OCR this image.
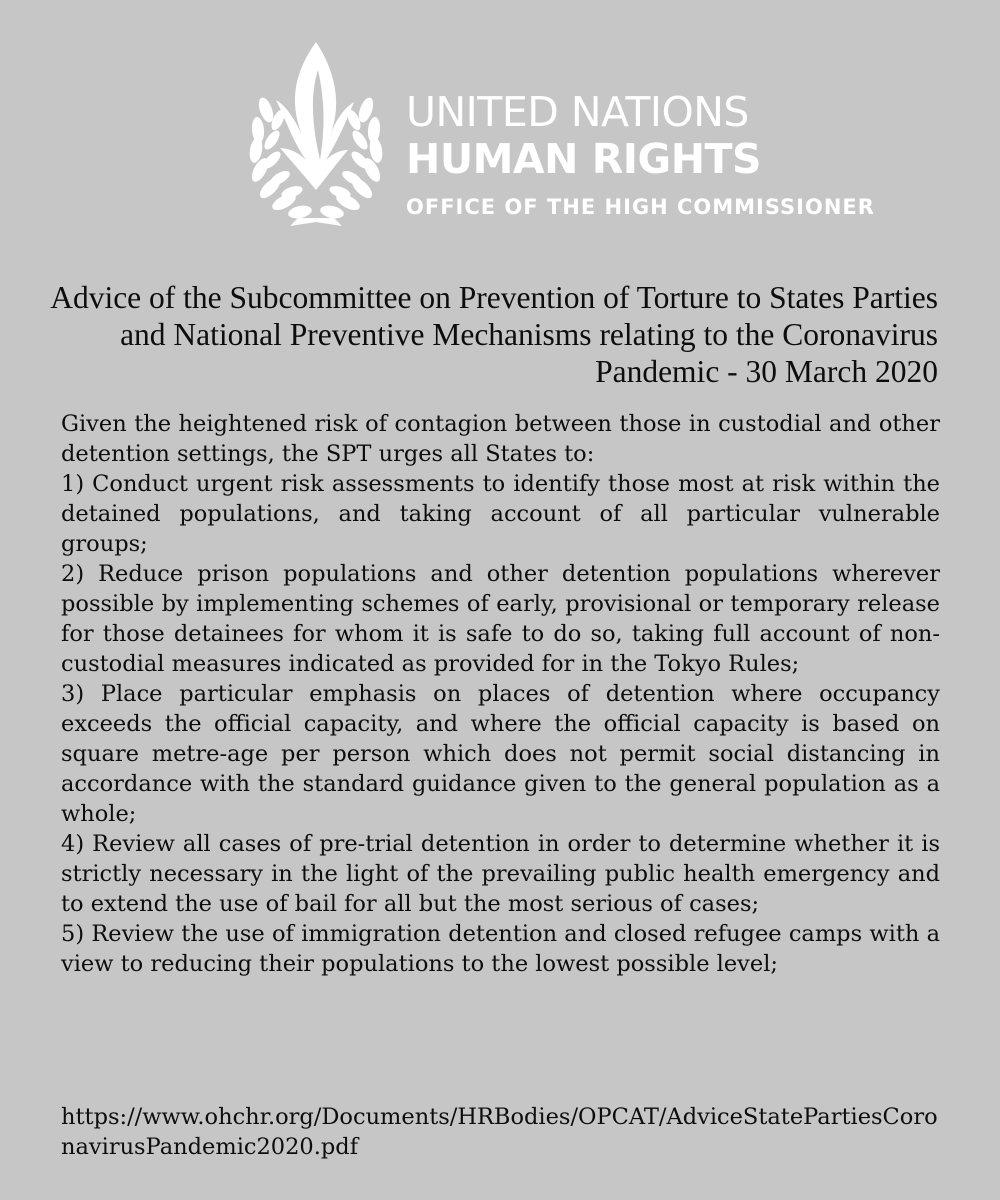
UNITED NATIONS
HUMAN RIGHTS
OFFICE OF THE HIGH COMMISSIONER
Advice of the Subcommittee on Prevention of Torture to States Parties and National Preventive Mechanisms relating to the Coronavirus Pandemic - 30 March 2020

Given the heightened risk of contagion between those in custodial and other detention settings, the SPT urges all States to:

1) Conduct urgent risk assessments to identify those most at risk within the detained populations, and taking account of all particular vulnerable groups;

2) Reduce prison populations and other detention populations wherever possible by implementing schemes of early, provisional or temporary release for those detainees for whom it is safe to do so, taking full account of non-custodial measures indicated as provided for in the Tokyo Rules;

3) Place particular emphasis on places of detention where occupancy exceeds the official capacity, and where the official capacity is based on square metre-age per person which does not permit social distancing in accordance with the standard guidance given to the general population as a whole;

4) Review all cases of pre-trial detention in order to determine whether it is strictly necessary in the light of the prevailing public health emergency and to extend the use of bail for all but the most serious of cases;

5) Review the use of immigration detention and closed refugee camps with a view to reducing their populations to the lowest possible level;

https://www.ohchr.org/Documents/HRBodies/OPCAT/AdviceStatePartiesCoronavirusPandemic2020.pdf
